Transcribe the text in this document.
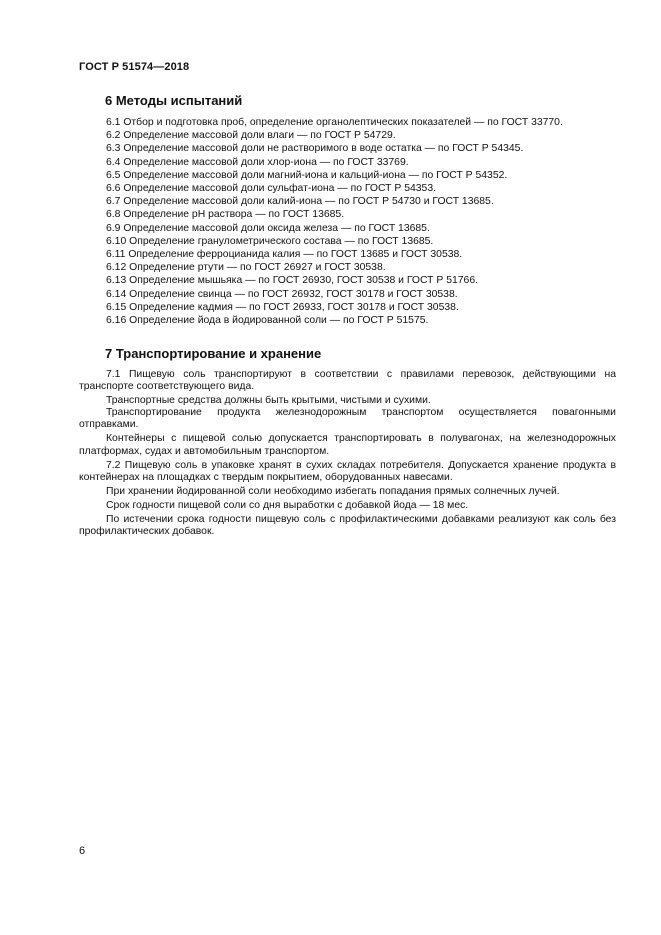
ГОСТ Р 51574—2018
6 Методы испытаний
6.1 Отбор и подготовка проб, определение органолептических показателей — по ГОСТ 33770.
6.2 Определение массовой доли влаги — по ГОСТ Р 54729.
6.3 Определение массовой доли не растворимого в воде остатка — по ГОСТ Р 54345.
6.4 Определение массовой доли хлор-иона — по ГОСТ 33769.
6.5 Определение массовой доли магний-иона и кальций-иона — по ГОСТ Р 54352.
6.6 Определение массовой доли сульфат-иона — по ГОСТ Р 54353.
6.7 Определение массовой доли калий-иона — по ГОСТ Р 54730 и ГОСТ 13685.
6.8 Определение рН раствора — по ГОСТ 13685.
6.9 Определение массовой доли оксида железа — по ГОСТ 13685.
6.10 Определение гранулометрического состава — по ГОСТ 13685.
6.11 Определение ферроцианида калия — по ГОСТ 13685 и ГОСТ 30538.
6.12 Определение ртути — по ГОСТ 26927 и ГОСТ 30538.
6.13 Определение мышьяка — по ГОСТ 26930, ГОСТ 30538 и ГОСТ Р 51766.
6.14 Определение свинца — по ГОСТ 26932, ГОСТ 30178 и ГОСТ 30538.
6.15 Определение кадмия — по ГОСТ 26933, ГОСТ 30178 и ГОСТ 30538.
6.16 Определение йода в йодированной соли — по ГОСТ Р 51575.
7 Транспортирование и хранение

7.1 Пищевую соль транспортируют в соответствии с правилами перевозок, действующими на транспорте соответствующего вида.

Транспортные средства должны быть крытыми, чистыми и сухими.

Транспортирование продукта железнодорожным транспортом осуществляется повагонными отправками.

Контейнеры с пищевой солью допускается транспортировать в полувагонах, на железнодорожных платформах, судах и автомобильным транспортом.

7.2 Пищевую соль в упаковке хранят в сухих складах потребителя. Допускается хранение продукта в контейнерах на площадках с твердым покрытием, оборудованных навесами.

При хранении йодированной соли необходимо избегать попадания прямых солнечных лучей.

Срок годности пищевой соли со дня выработки с добавкой йода — 18 мес.

По истечении срока годности пищевую соль с профилактическими добавками реализуют как соль без профилактических добавок.

6
